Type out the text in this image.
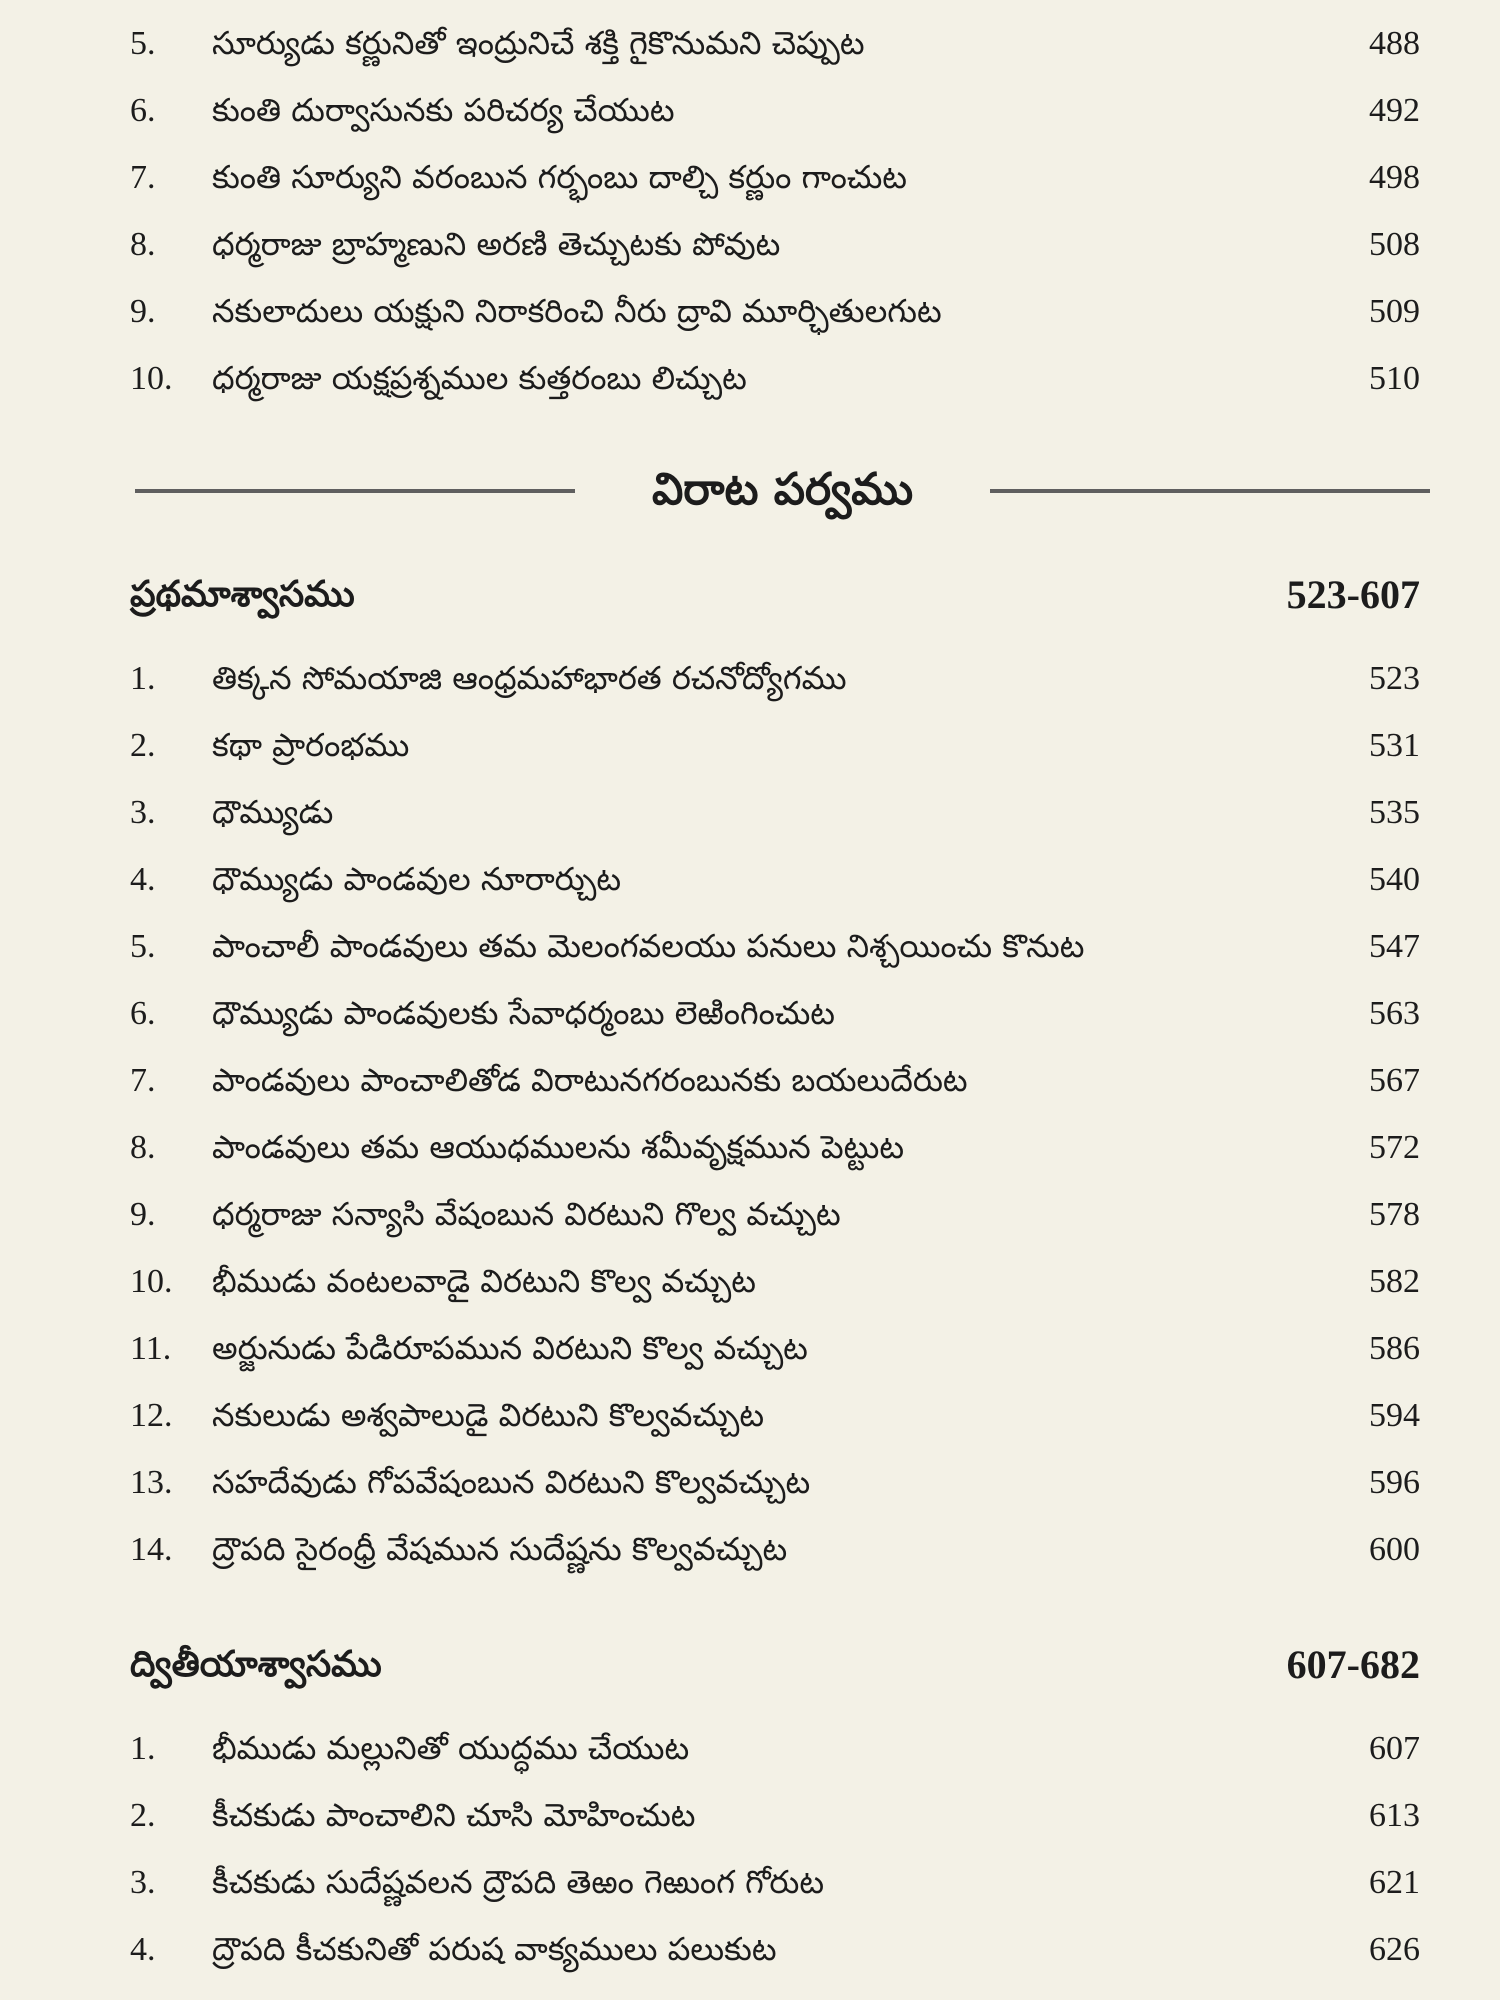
5.	సూర్యుడు కర్ణునితో ఇంద్రునిచే శక్తి గైకొనుమని చెప్పుట	488
6.	కుంతి దుర్వాసునకు పరిచర్య చేయుట	492
7.	కుంతి సూర్యుని వరంబున గర్భంబు దాల్చి కర్ణుం గాంచుట	498
8.	ధర్మరాజు బ్రాహ్మణుని అరణి తెచ్చుటకు పోవుట	508
9.	నకులాదులు యక్షుని నిరాకరించి నీరు ద్రావి మూర్ఛితులగుట	509
10.	ధర్మరాజు యక్షప్రశ్నముల కుత్తరంబు లిచ్చుట	510
విరాట పర్వము
ప్రథమాశ్వాసము	523-607
1.	తిక్కన సోమయాజి ఆంధ్రమహాభారత రచనోద్యోగము	523
2.	కథా ప్రారంభము	531
3.	ధౌమ్యుడు	535
4.	ధౌమ్యుడు పాండవుల నూరార్చుట	540
5.	పాంచాలీ పాండవులు తమ మెలంగవలయు పనులు నిశ్చయించు కొనుట	547
6.	ధౌమ్యుడు పాండవులకు సేవాధర్మంబు లెఱింగించుట	563
7.	పాండవులు పాంచాలితోడ విరాటునగరంబునకు బయలుదేరుట	567
8.	పాండవులు తమ ఆయుధములను శమీవృక్షమున పెట్టుట	572
9.	ధర్మరాజు సన్యాసి వేషంబున విరటుని గొల్వ వచ్చుట	578
10.	భీముడు వంటలవాడై విరటుని కొల్వ వచ్చుట	582
11.	అర్జునుడు పేడిరూపమున విరటుని కొల్వ వచ్చుట	586
12.	నకులుడు అశ్వపాలుడై విరటుని కొల్వవచ్చుట	594
13.	సహదేవుడు గోపవేషంబున విరటుని కొల్వవచ్చుట	596
14.	ద్రౌపది సైరంధ్రీ వేషమున సుదేష్ణను కొల్వవచ్చుట	600
ద్వితీయాశ్వాసము	607-682
1.	భీముడు మల్లునితో యుద్ధము చేయుట	607
2.	కీచకుడు పాంచాలిని చూసి మోహించుట	613
3.	కీచకుడు సుదేష్ణవలన ద్రౌపది తెఱం గెఱుంగ గోరుట	621
4.	ద్రౌపది కీచకునితో పరుష వాక్యములు పలుకుట	626
